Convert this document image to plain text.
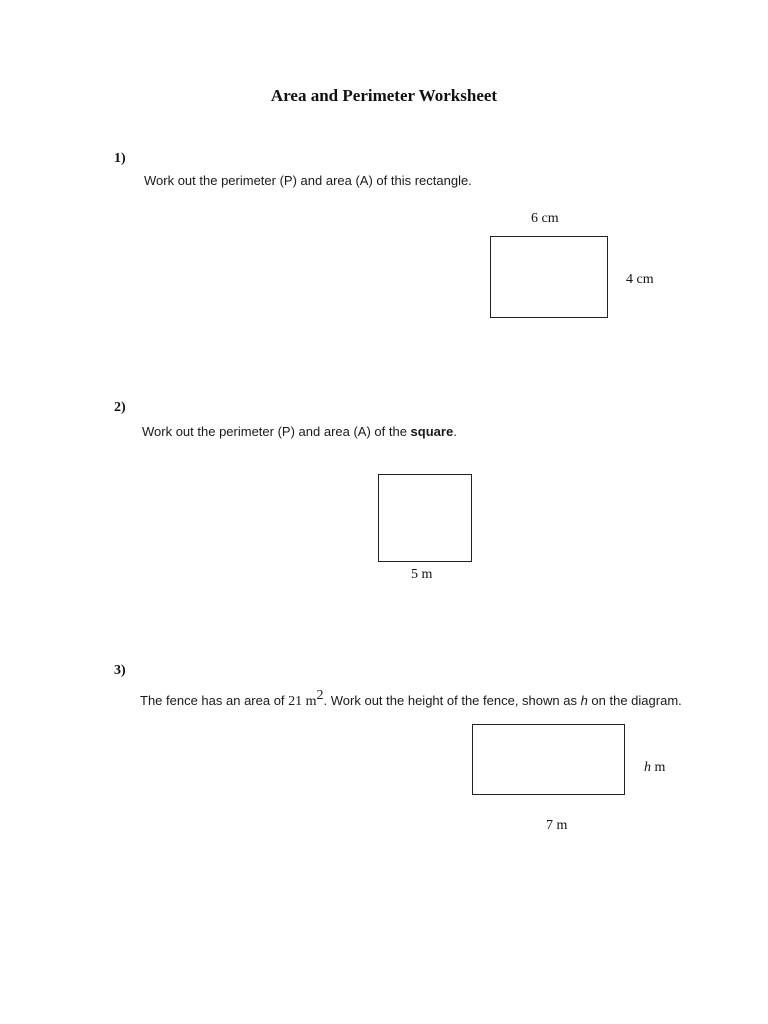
Area and Perimeter Worksheet
1)
Work out the perimeter (P) and area (A) of this rectangle.
6 cm
4 cm
2)
Work out the perimeter (P) and area (A) of the square.
5 m
3)
The fence has an area of 21 $m^2$. Work out the height of the fence, shown as h on the diagram.
h m
7 m
